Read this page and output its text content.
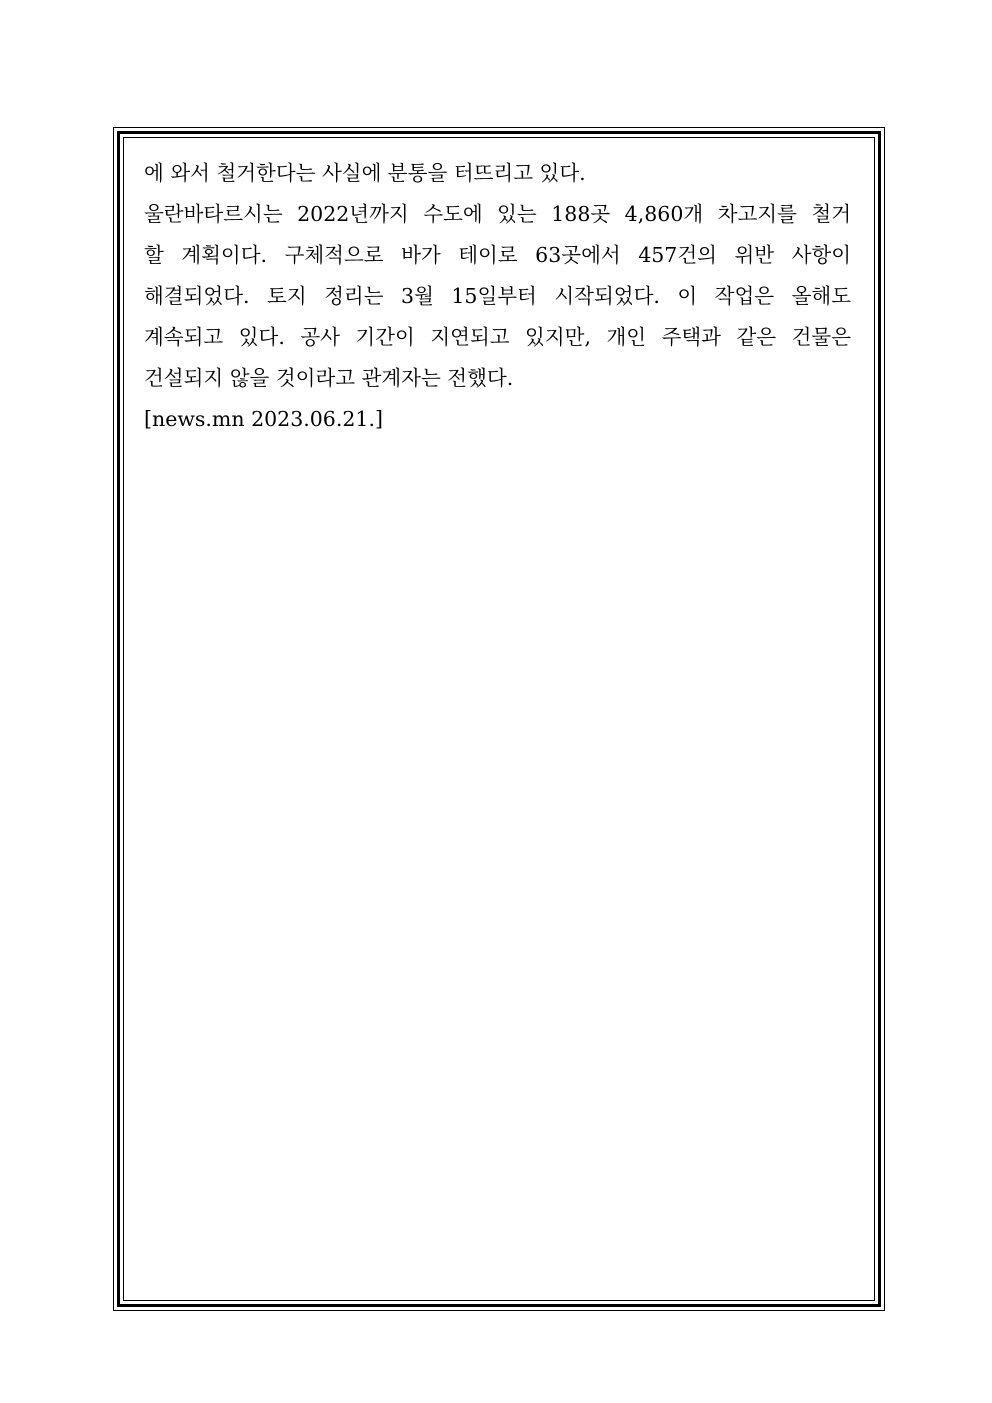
에 와서 철거한다는 사실에 분통을 터뜨리고 있다.
울란바타르시는 2022년까지 수도에 있는 188곳 4,860개 차고지를 철거
할 계획이다. 구체적으로 바가 테이로 63곳에서 457건의 위반 사항이
해결되었다. 토지 정리는 3월 15일부터 시작되었다. 이 작업은 올해도
계속되고 있다. 공사 기간이 지연되고 있지만, 개인 주택과 같은 건물은
건설되지 않을 것이라고 관계자는 전했다.
[news.mn 2023.06.21.]
